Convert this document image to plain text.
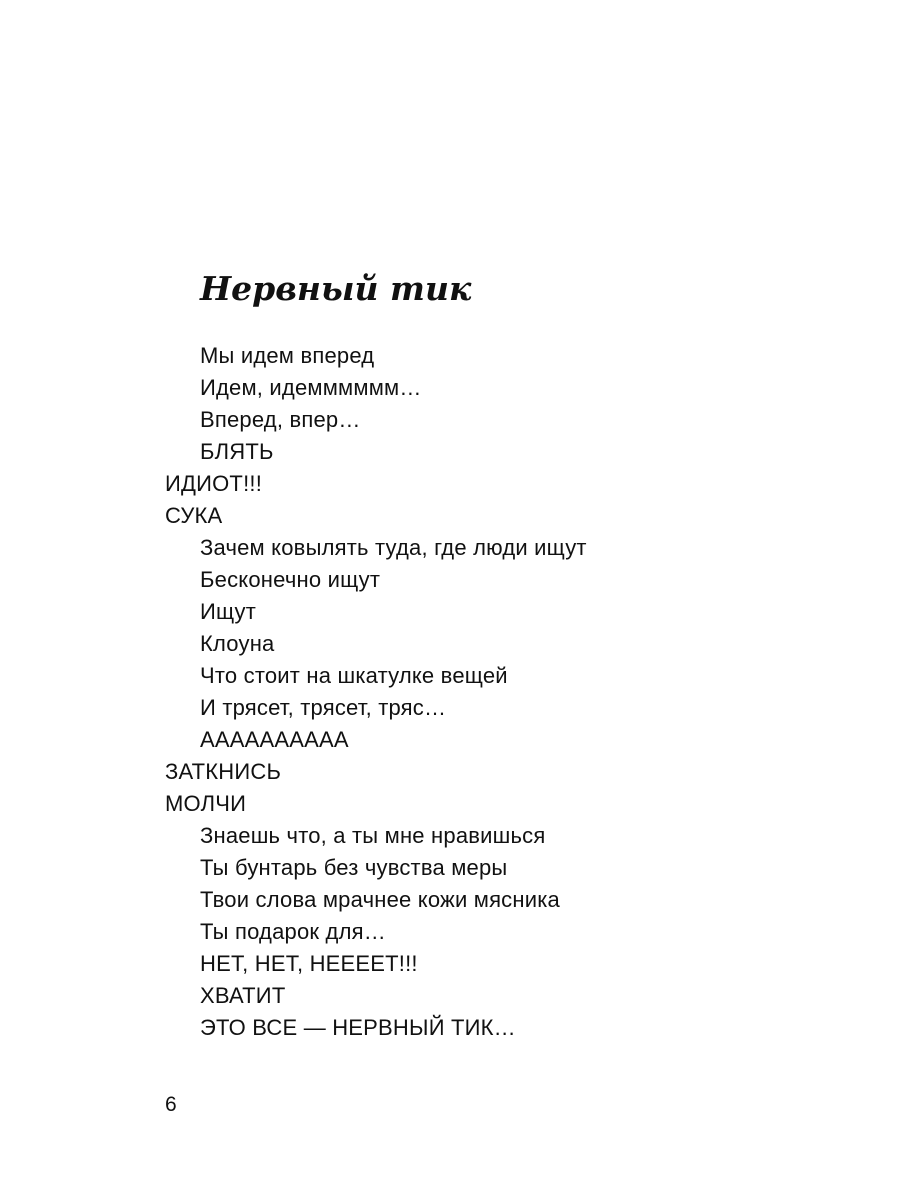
Нервный тик
Мы идем вперед
Идем, идемммммм…
Вперед, впер…
БЛЯТЬ
ИДИОТ!!!
СУКА
Зачем ковылять туда, где люди ищут
Бесконечно ищут
Ищут
Клоуна
Что стоит на шкатулке вещей
И трясет, трясет, тряс…
АААААААААА
ЗАТКНИСЬ
МОЛЧИ
Знаешь что, а ты мне нравишься
Ты бунтарь без чувства меры
Твои слова мрачнее кожи мясника
Ты подарок для…
НЕТ, НЕТ, НЕЕЕЕТ!!!
ХВАТИТ
ЭТО ВСЕ — НЕРВНЫЙ ТИК…
6
